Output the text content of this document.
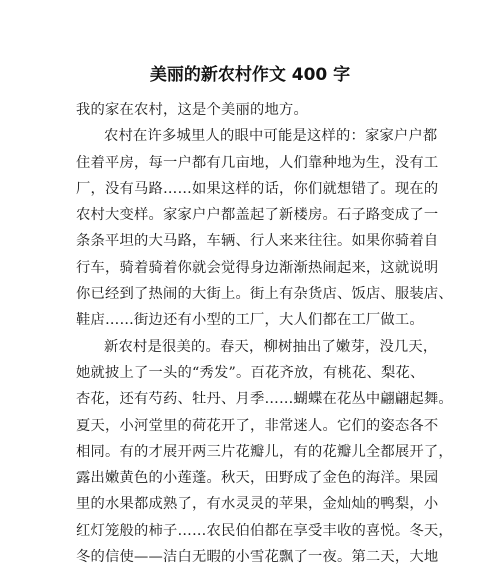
美丽的新农村作文 400 字
我的家在农村，这是个美丽的地方。
农村在许多城里人的眼中可能是这样的：家家户户都
住着平房，每一户都有几亩地，人们靠种地为生，没有工
厂，没有马路……如果这样的话，你们就想错了。现在的
农村大变样。家家户户都盖起了新楼房。石子路变成了一
条条平坦的大马路，车辆、行人来来往往。如果你骑着自
行车，骑着骑着你就会觉得身边渐渐热闹起来，这就说明
你已经到了热闹的大街上。街上有杂货店、饭店、服装店、
鞋店……街边还有小型的工厂，大人们都在工厂做工。
新农村是很美的。春天，柳树抽出了嫩芽，没几天，
她就披上了一头的“秀发”。百花齐放，有桃花、梨花、
杏花，还有芍药、牡丹、月季……蝴蝶在花丛中翩翩起舞。
夏天，小河堂里的荷花开了，非常迷人。它们的姿态各不
相同。有的才展开两三片花瓣儿，有的花瓣儿全都展开了，
露出嫩黄色的小莲蓬。秋天，田野成了金色的海洋。果园
里的水果都成熟了，有水灵灵的苹果，金灿灿的鸭梨，小
红灯笼般的柿子……农民伯伯都在享受丰收的喜悦。冬天，
冬的信使——洁白无暇的小雪花飘了一夜。第二天，大地
